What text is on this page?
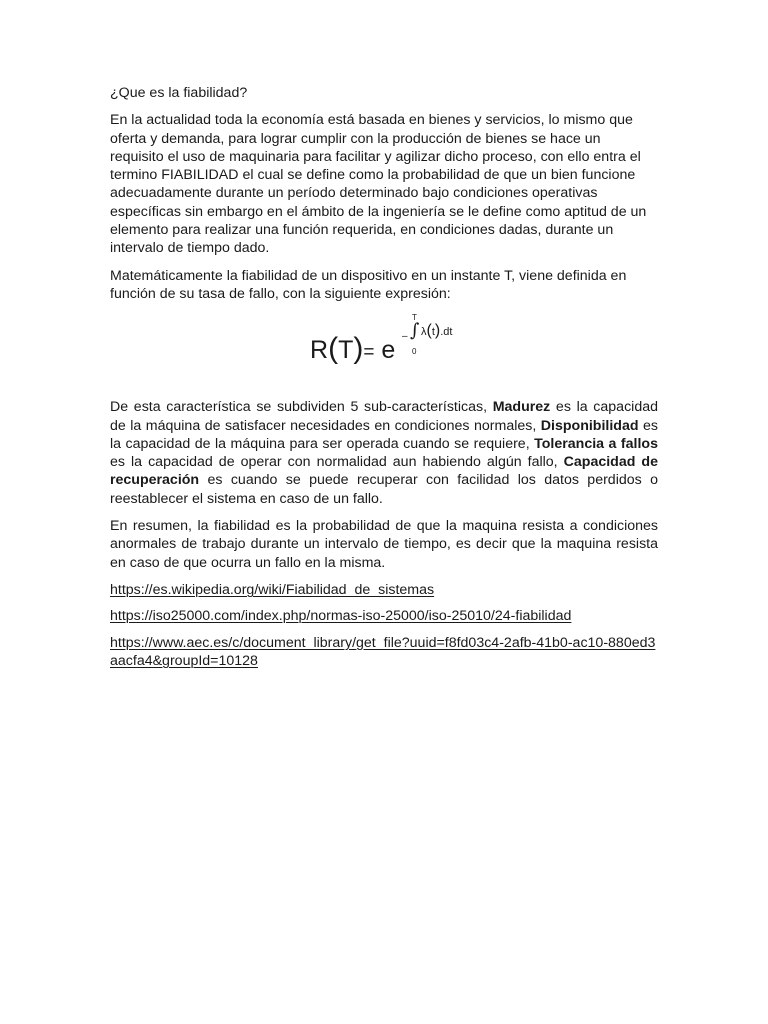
¿Que es la fiabilidad?

En la actualidad toda la economía está basada en bienes y servicios, lo mismo que oferta y demanda, para lograr cumplir con la producción de bienes se hace un requisito el uso de maquinaria para facilitar y agilizar dicho proceso, con ello entra el termino FIABILIDAD el cual se define como la probabilidad de que un bien funcione adecuadamente durante un período determinado bajo condiciones operativas específicas sin embargo en el ámbito de la ingeniería se le define como aptitud de un elemento para realizar una función requerida, en condiciones dadas, durante un intervalo de tiempo dado.

Matemáticamente la fiabilidad de un dispositivo en un instante T, viene definida en función de su tasa de fallo, con la siguiente expresión:

R(T)= e
T
– ∫
0
λ(t).dt

De esta característica se subdividen 5 sub-características, Madurez es la capacidad de la máquina de satisfacer necesidades en condiciones normales, Disponibilidad es la capacidad de la máquina para ser operada cuando se requiere, Tolerancia a fallos es la capacidad de operar con normalidad aun habiendo algún fallo, Capacidad de recuperación es cuando se puede recuperar con facilidad los datos perdidos o reestablecer el sistema en caso de un fallo.

En resumen, la fiabilidad es la probabilidad de que la maquina resista a condiciones anormales de trabajo durante un intervalo de tiempo, es decir que la maquina resista en caso de que ocurra un fallo en la misma.

https://es.wikipedia.org/wiki/Fiabilidad_de_sistemas

https://iso25000.com/index.php/normas-iso-25000/iso-25010/24-fiabilidad

https://www.aec.es/c/document_library/get_file?uuid=f8fd03c4-2afb-41b0-ac10-880ed3aacfa4&groupId=10128
